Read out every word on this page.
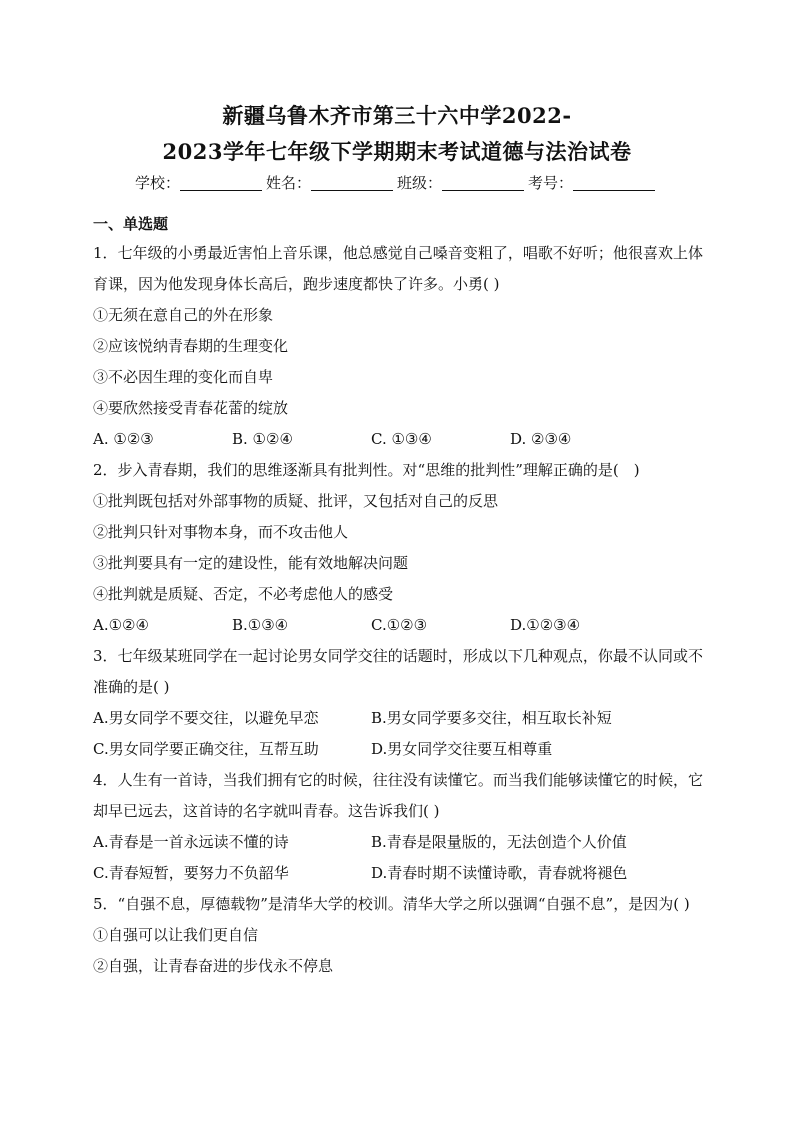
新疆乌鲁木齐市第三十六中学2022-
2023学年七年级下学期期末考试道德与法治试卷
学校：	姓名：	班级：	考号：
一、单选题
1．七年级的小勇最近害怕上音乐课，他总感觉自己嗓音变粗了，唱歌不好听；他很喜欢上体育课，因为他发现身体长高后，跑步速度都快了许多。小勇( )
①无须在意自己的外在形象
②应该悦纳青春期的生理变化
③不必因生理的变化而自卑
④要欣然接受青春花蕾的绽放
A. ①②③	B. ①②④	C. ①③④	D. ②③④
2．步入青春期，我们的思维逐渐具有批判性。对“思维的批判性”理解正确的是(　)
①批判既包括对外部事物的质疑、批评，又包括对自己的反思
②批判只针对事物本身，而不攻击他人
③批判要具有一定的建设性，能有效地解决问题
④批判就是质疑、否定，不必考虑他人的感受
A.①②④	B.①③④	C.①②③	D.①②③④
3．七年级某班同学在一起讨论男女同学交往的话题时，形成以下几种观点，你最不认同或不准确的是( )
A.男女同学不要交往，以避免早恋	B.男女同学要多交往，相互取长补短
C.男女同学要正确交往，互帮互助	D.男女同学交往要互相尊重
4．人生有一首诗，当我们拥有它的时候，往往没有读懂它。而当我们能够读懂它的时候，它却早已远去，这首诗的名字就叫青春。这告诉我们( )
A.青春是一首永远读不懂的诗	B.青春是限量版的，无法创造个人价值
C.青春短暂，要努力不负韶华	D.青春时期不读懂诗歌，青春就将褪色
5．“自强不息，厚德载物”是清华大学的校训。清华大学之所以强调“自强不息”，是因为( )
①自强可以让我们更自信
②自强，让青春奋进的步伐永不停息
